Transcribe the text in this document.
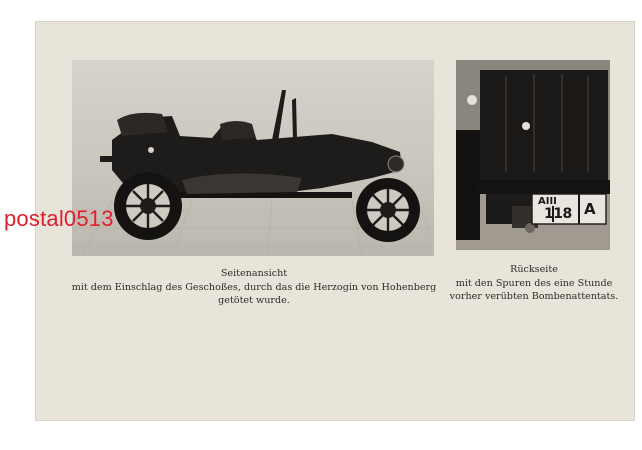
AIII
118 A
Seitenansicht
mit dem Einschlag des Geschoßes, durch das die Herzogin von Hohenberg
getötet wurde.
Rückseite
mit den Spuren des eine Stunde
vorher verübten Bombenattentats.
postal0513
